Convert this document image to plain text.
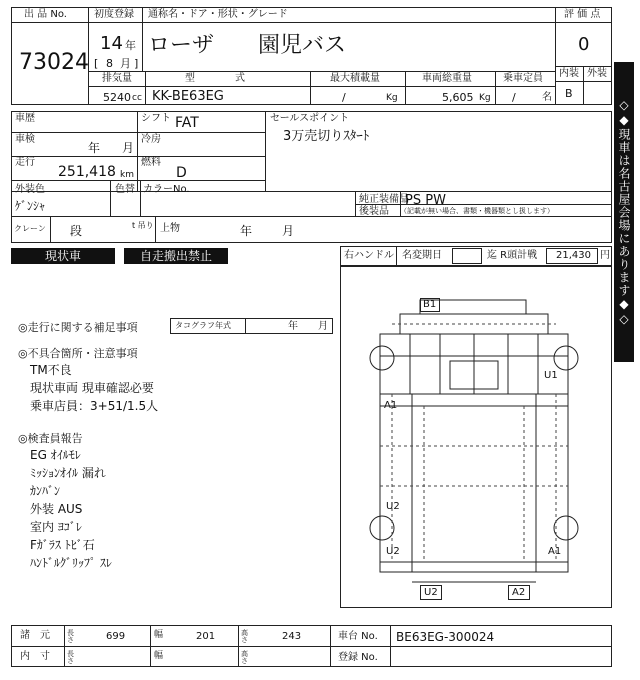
出 品 No.
73024
初度登録 通称名・ドア・形状・グレード
14 年
[ 8 月 ]
ローザ　　園児バス
排気量	型　　　　式	最大積載量	車両総重量	乗車定員
5240 cc KK-BE63EG	/	Kg	5,605 Kg /	名
評 価 点
0
内装 外装
B
車歴	シフト FAT
車検
年 月
冷房
走行
251,418 km
燃料
D
セールスポイント
3万売切りｽﾀｰﾄ
外装色
ｹﾞﾝｼｬ
色替 カラーNo.
純正装備品
PS PW
後装品 （記載が無い場合、書類・機器類とし扱します）
クレーン 段	t 吊り 上物	年 月
現状車	自走搬出禁止	右ハンドル 名変期日	迄 R頭計戦 21,430 円
◎走行に関する補足事項	タコグラフ年式	年 月
◎不具合箇所・注意事項
TM不良
現状車両 現車確認必要
乗車店員：3+51/1.5人
◎検査員報告
EG ｵｲﾙﾓﾚ
ﾐｯｼｮﾝｵｲﾙ 漏れ
ｶﾝﾊﾞﾝ
外装 AUS
室内 ﾖｺﾞﾚ
Fｶﾞﾗｽ ﾄﾋﾞ石
ﾊﾝﾄﾞﾙｸﾞﾘｯﾌﾟ ｽﾚ
B1
U1
A1
U2
U2	A1
U2	A2
◇◆現車は名古屋会場にあります◆◇
諸　元 長さ	699	幅	201	高さ	243	車台 No. BE63EG-300024
内　寸 長さ	幅	高さ	登録 No.
